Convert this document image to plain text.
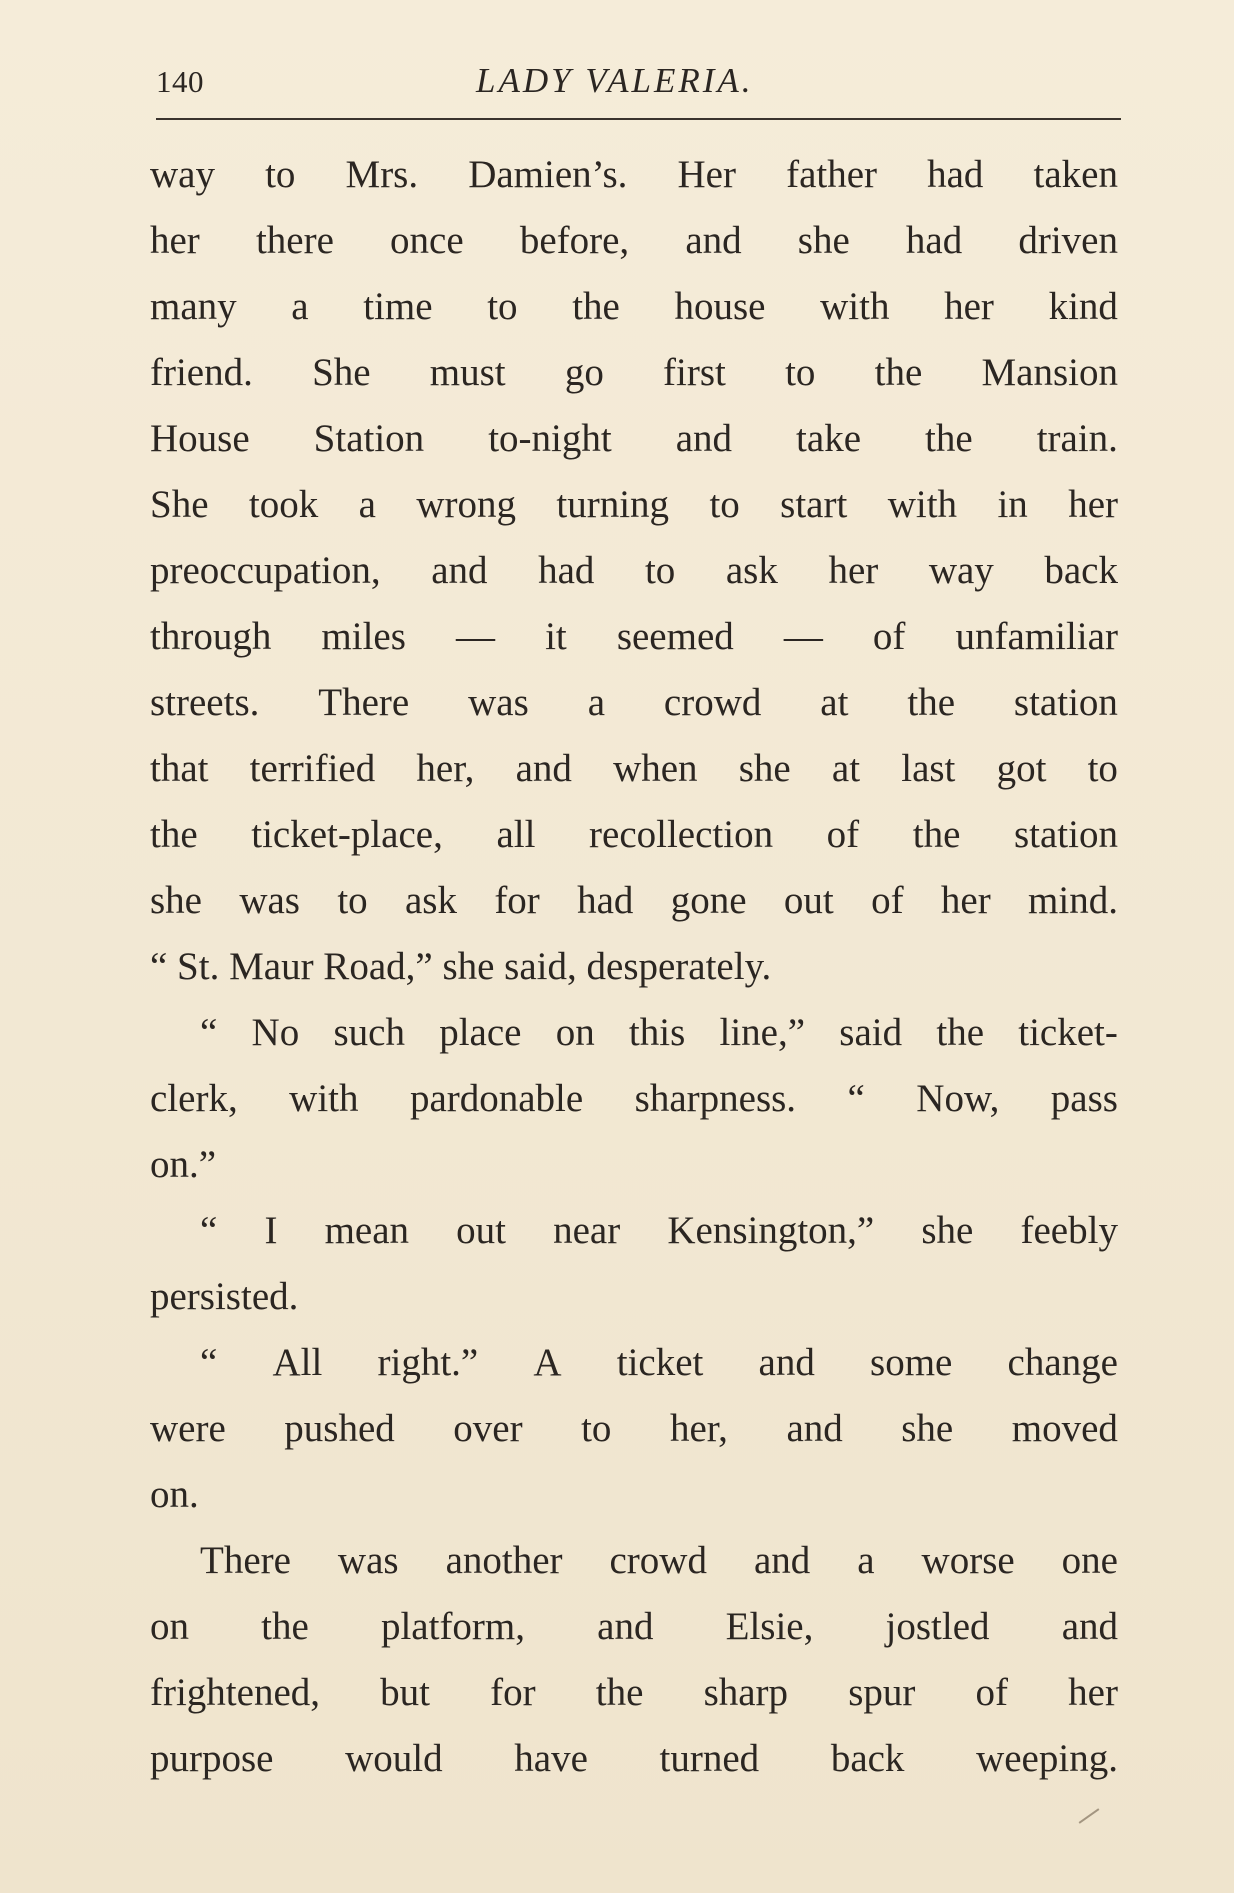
140	LADY VALERIA.
way to Mrs. Damien’s. Her father had taken
her there once before, and she had driven
many a time to the house with her kind
friend. She must go first to the Mansion
House Station to-night and take the train.
She took a wrong turning to start with in her
preoccupation, and had to ask her way back
through miles — it seemed — of unfamiliar
streets. There was a crowd at the station
that terrified her, and when she at last got to
the ticket-place, all recollection of the station
she was to ask for had gone out of her mind.
“ St. Maur Road,” she said, desperately.
“ No such place on this line,” said the ticket-
clerk, with pardonable sharpness. “ Now, pass
on.”
“ I mean out near Kensington,” she feebly
persisted.
“ All right.” A ticket and some change
were pushed over to her, and she moved
on.
There was another crowd and a worse one
on the platform, and Elsie, jostled and
frightened, but for the sharp spur of her
purpose would have turned back weeping.
